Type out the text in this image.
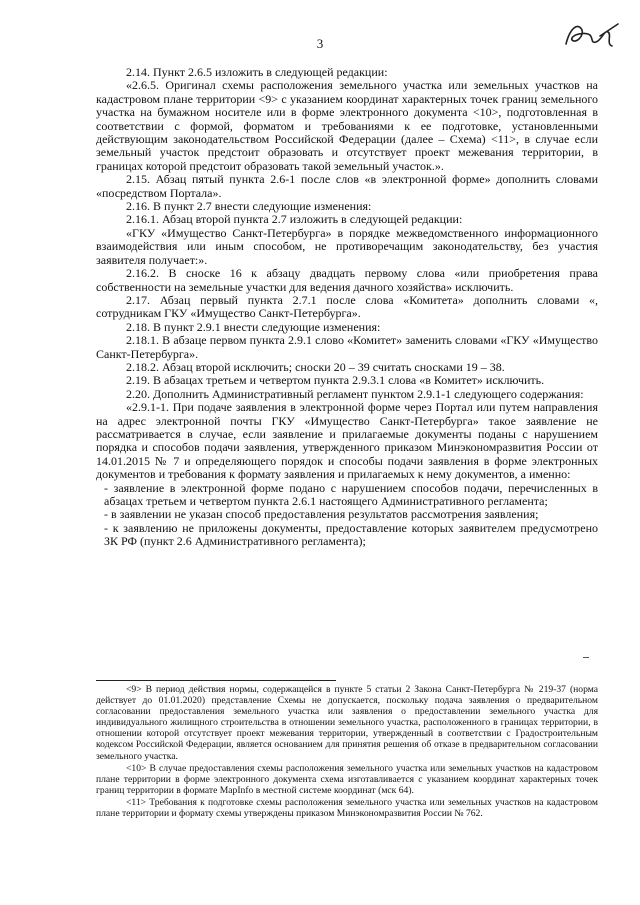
3

2.14. Пункт 2.6.5 изложить в следующей редакции:

«2.6.5. Оригинал схемы расположения земельного участка или земельных участков на кадастровом плане территории <9> с указанием координат характерных точек границ земельного участка на бумажном носителе или в форме электронного документа <10>, подготовленная в соответствии с формой, форматом и требованиями к ее подготовке, установленными действующим законодательством Российской Федерации (далее – Схема) <11>, в случае если земельный участок предстоит образовать и отсутствует проект межевания территории, в границах которой предстоит образовать такой земельный участок.».

2.15. Абзац пятый пункта 2.6-1 после слов «в электронной форме» дополнить словами «посредством Портала».

2.16. В пункт 2.7 внести следующие изменения:

2.16.1. Абзац второй пункта 2.7 изложить в следующей редакции:

«ГКУ «Имущество Санкт-Петербурга» в порядке межведомственного информационного взаимодействия или иным способом, не противоречащим законодательству, без участия заявителя получает:».

2.16.2. В сноске 16 к абзацу двадцать первому слова «или приобретения права собственности на земельные участки для ведения дачного хозяйства» исключить.

2.17. Абзац первый пункта 2.7.1 после слова «Комитета» дополнить словами «, сотрудникам ГКУ «Имущество Санкт-Петербурга».

2.18. В пункт 2.9.1 внести следующие изменения:

2.18.1. В абзаце первом пункта 2.9.1 слово «Комитет» заменить словами «ГКУ «Имущество Санкт-Петербурга».

2.18.2. Абзац второй исключить; сноски 20 – 39 считать сносками 19 – 38.

2.19. В абзацах третьем и четвертом пункта 2.9.3.1 слова «в Комитет» исключить.

2.20. Дополнить Административный регламент пунктом 2.9.1-1 следующего содержания:

«2.9.1-1. При подаче заявления в электронной форме через Портал или путем направления на адрес электронной почты ГКУ «Имущество Санкт-Петербурга» такое заявление не рассматривается в случае, если заявление и прилагаемые документы поданы с нарушением порядка и способов подачи заявления, утвержденного приказом Минэкономразвития России от 14.01.2015 № 7 и определяющего порядок и способы подачи заявления в форме электронных документов и требования к формату заявления и прилагаемых к нему документов, а именно:

- заявление в электронной форме подано с нарушением способов подачи, перечисленных в абзацах третьем и четвертом пункта 2.6.1 настоящего Административного регламента;

- в заявлении не указан способ предоставления результатов рассмотрения заявления;

- к заявлению не приложены документы, предоставление которых заявителем предусмотрено ЗК РФ (пункт 2.6 Административного регламента);

<9> В период действия нормы, содержащейся в пункте 5 статьи 2 Закона Санкт-Петербурга № 219-37 (норма действует до 01.01.2020) представление Схемы не допускается, поскольку подача заявления о предварительном согласовании предоставления земельного участка или заявления о предоставлении земельного участка для индивидуального жилищного строительства в отношении земельного участка, расположенного в границах территории, в отношении которой отсутствует проект межевания территории, утвержденный в соответствии с Градостроительным кодексом Российской Федерации, является основанием для принятия решения об отказе в предварительном согласовании земельного участка.

<10> В случае предоставления схемы расположения земельного участка или земельных участков на кадастровом плане территории в форме электронного документа схема изготавливается с указанием координат характерных точек границ территории в формате MapInfo в местной системе координат (мск 64).

<11> Требования к подготовке схемы расположения земельного участка или земельных участков на кадастровом плане территории и формату схемы утверждены приказом Минэкономразвития России № 762.
